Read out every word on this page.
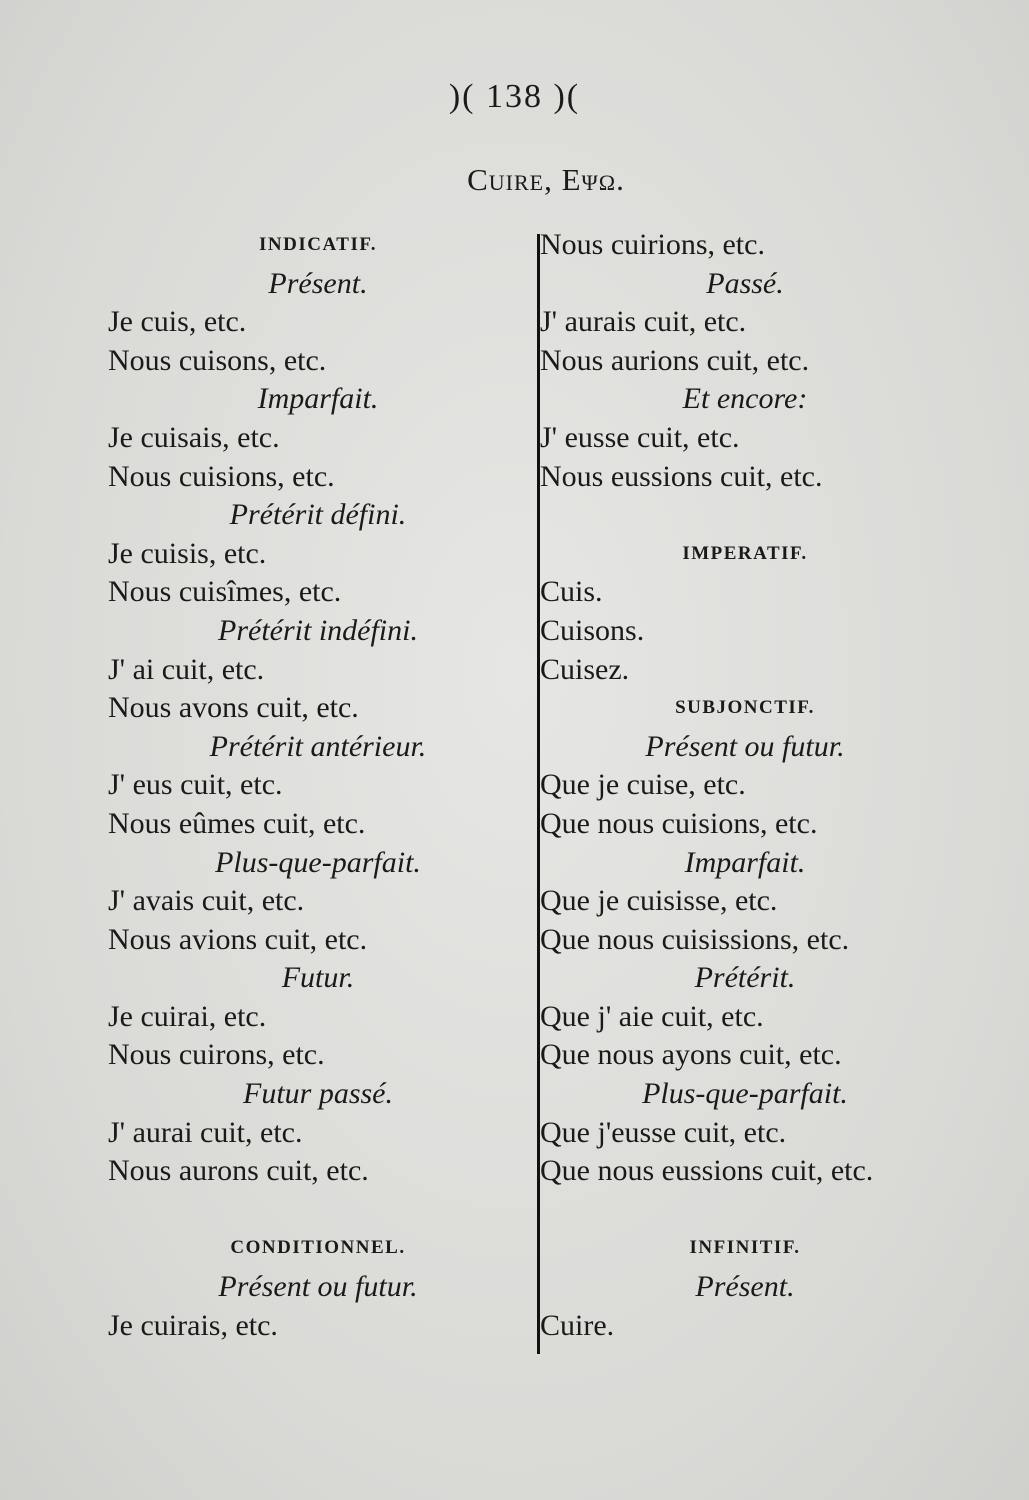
)( 138 )(
Cuire, Εψω.
INDICATIF.
Présent.
Je cuis, etc.
Nous cuisons, etc.
Imparfait.
Je cuisais, etc.
Nous cuisions, etc.
Prétérit défini.
Je cuisis, etc.
Nous cuisîmes, etc.
Prétérit indéfini.
J' ai cuit, etc.
Nous avons cuit, etc.
Prétérit antérieur.
J' eus cuit, etc.
Nous eûmes cuit, etc.
Plus-que-parfait.
J' avais cuit, etc.
Nous avions cuit, etc.
Futur.
Je cuirai, etc.
Nous cuirons, etc.
Futur passé.
J' aurai cuit, etc.
Nous aurons cuit, etc.
CONDITIONNEL.
Présent ou futur.
Je cuirais, etc.
Nous cuirions, etc.
Passé.
J' aurais cuit, etc.
Nous aurions cuit, etc.
Et encore:
J' eusse cuit, etc.
Nous eussions cuit, etc.
IMPERATIF.
Cuis.
Cuisons.
Cuisez.
SUBJONCTIF.
Présent ou futur.
Que je cuise, etc.
Que nous cuisions, etc.
Imparfait.
Que je cuisisse, etc.
Que nous cuisissions, etc.
Prétérit.
Que j' aie cuit, etc.
Que nous ayons cuit, etc.
Plus-que-parfait.
Que j'eusse cuit, etc.
Que nous eussions cuit, etc.
INFINITIF.
Présent.
Cuire.
